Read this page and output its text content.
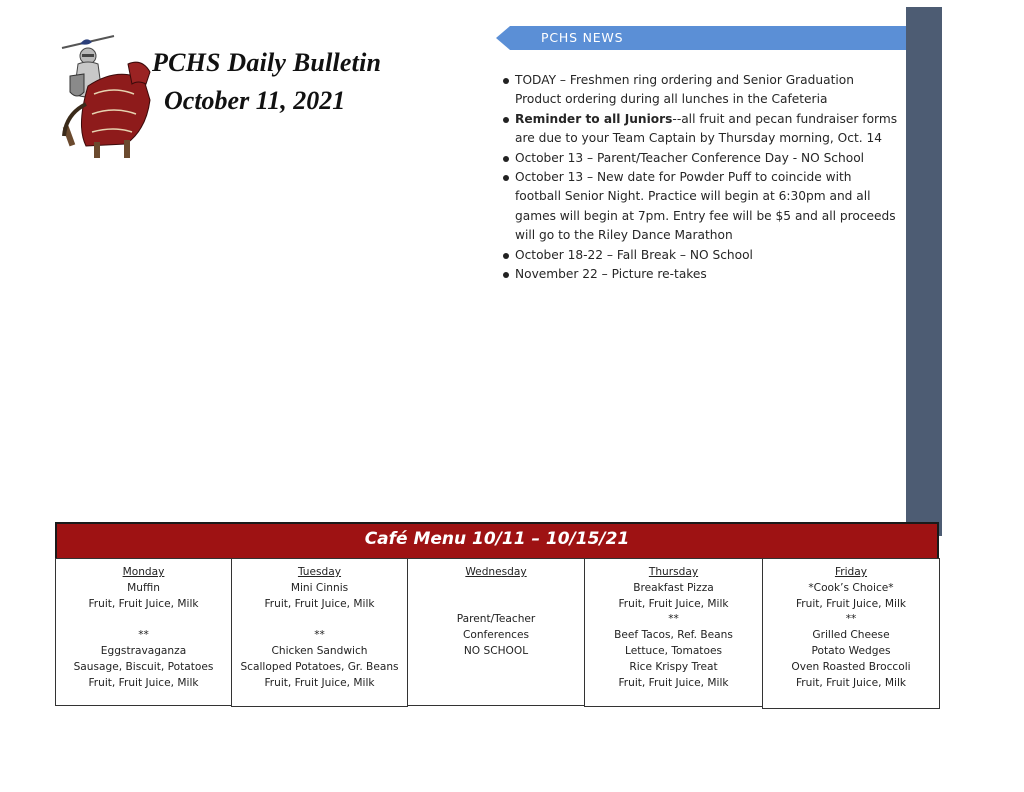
PCHS Daily Bulletin
October 11, 2021
PCHS NEWS
TODAY – Freshmen ring ordering and Senior Graduation Product ordering during all lunches in the Cafeteria
Reminder to all Juniors--all fruit and pecan fundraiser forms are due to your Team Captain by Thursday morning, Oct. 14
October 13 – Parent/Teacher Conference Day - NO School
October 13 – New date for Powder Puff to coincide with football Senior Night. Practice will begin at 6:30pm and all games will begin at 7pm. Entry fee will be $5 and all proceeds will go to the Riley Dance Marathon
October 18-22 – Fall Break – NO School
November 22 – Picture re-takes
Café Menu 10/11 – 10/15/21
Monday
Muffin
Fruit, Fruit Juice, Milk
**
Eggstravaganza
Sausage, Biscuit, Potatoes
Fruit, Fruit Juice, Milk
Tuesday
Mini Cinnis
Fruit, Fruit Juice, Milk
**
Chicken Sandwich
Scalloped Potatoes, Gr. Beans
Fruit, Fruit Juice, Milk
Wednesday
Parent/Teacher
Conferences
NO SCHOOL
Thursday
Breakfast Pizza
Fruit, Fruit Juice, Milk
**
Beef Tacos, Ref. Beans
Lettuce, Tomatoes
Rice Krispy Treat
Fruit, Fruit Juice, Milk
Friday
*Cook’s Choice*
Fruit, Fruit Juice, Milk
**
Grilled Cheese
Potato Wedges
Oven Roasted Broccoli
Fruit, Fruit Juice, Milk
